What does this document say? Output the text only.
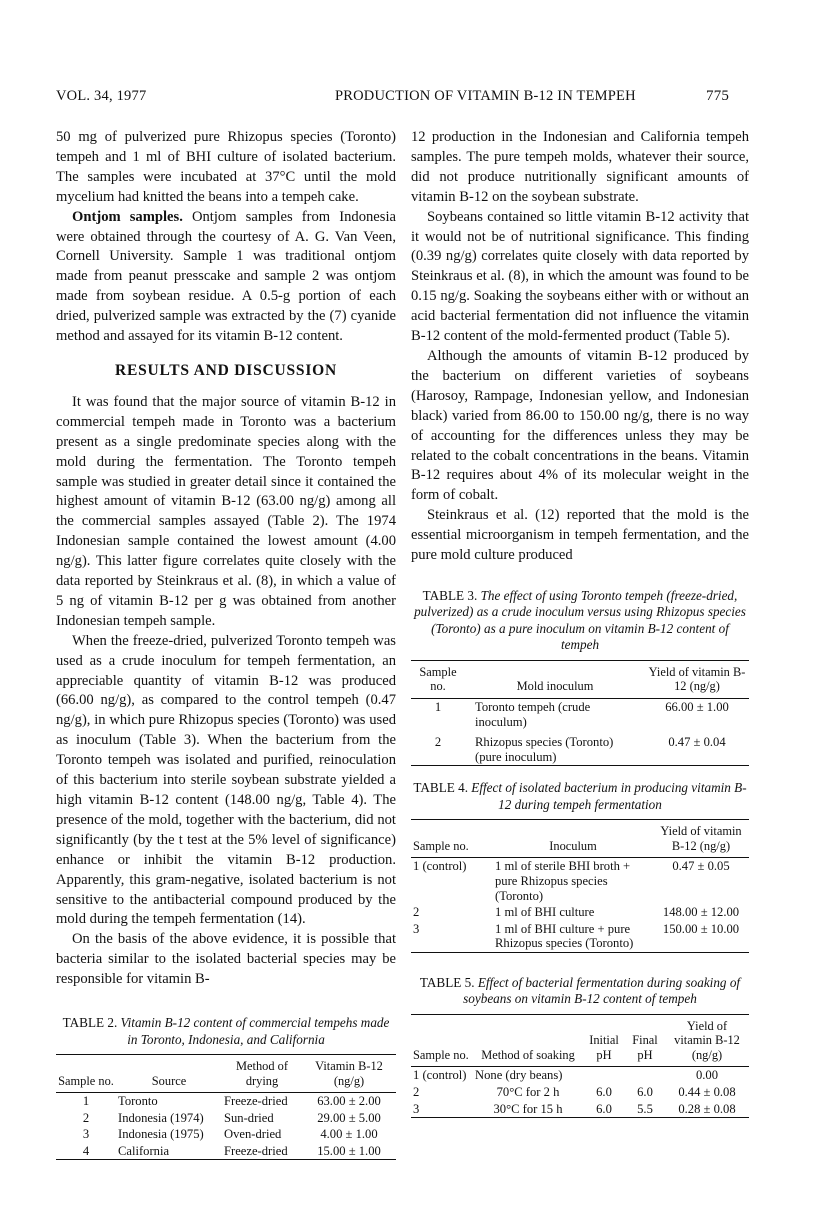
VOL. 34, 1977	PRODUCTION OF VITAMIN B-12 IN TEMPEH	775

50 mg of pulverized pure Rhizopus species (Toronto) tempeh and 1 ml of BHI culture of isolated bacterium. The samples were incubated at 37°C until the mold mycelium had knitted the beans into a tempeh cake.

Ontjom samples. Ontjom samples from Indonesia were obtained through the courtesy of A. G. Van Veen, Cornell University. Sample 1 was traditional ontjom made from peanut presscake and sample 2 was ontjom made from soybean residue. A 0.5-g portion of each dried, pulverized sample was extracted by the (7) cyanide method and assayed for its vitamin B-12 content.

RESULTS AND DISCUSSION

It was found that the major source of vitamin B-12 in commercial tempeh made in Toronto was a bacterium present as a single predominate species along with the mold during the fermentation. The Toronto tempeh sample was studied in greater detail since it contained the highest amount of vitamin B-12 (63.00 ng/g) among all the commercial samples assayed (Table 2). The 1974 Indonesian sample contained the lowest amount (4.00 ng/g). This latter figure correlates quite closely with the data reported by Steinkraus et al. (8), in which a value of 5 ng of vitamin B-12 per g was obtained from another Indonesian tempeh sample.

When the freeze-dried, pulverized Toronto tempeh was used as a crude inoculum for tempeh fermentation, an appreciable quantity of vitamin B-12 was produced (66.00 ng/g), as compared to the control tempeh (0.47 ng/g), in which pure Rhizopus species (Toronto) was used as inoculum (Table 3). When the bacterium from the Toronto tempeh was isolated and purified, reinoculation of this bacterium into sterile soybean substrate yielded a high vitamin B-12 content (148.00 ng/g, Table 4). The presence of the mold, together with the bacterium, did not significantly (by the t test at the 5% level of significance) enhance or inhibit the vitamin B-12 production. Apparently, this gram-negative, isolated bacterium is not sensitive to the antibacterial compound produced by the mold during the tempeh fermentation (14).

On the basis of the above evidence, it is possible that bacteria similar to the isolated bacterial species may be responsible for vitamin B-

TABLE 2. Vitamin B-12 content of commercial tempehs made in Toronto, Indonesia, and California
Sample no.	Source	Method of drying	Vitamin B-12 (ng/g)
1	Toronto	Freeze-dried	63.00 ± 2.00
2	Indonesia (1974)	Sun-dried	29.00 ± 5.00
3	Indonesia (1975)	Oven-dried	4.00 ± 1.00
4	California	Freeze-dried	15.00 ± 1.00

12 production in the Indonesian and California tempeh samples. The pure tempeh molds, whatever their source, did not produce nutritionally significant amounts of vitamin B-12 on the soybean substrate.

Soybeans contained so little vitamin B-12 activity that it would not be of nutritional significance. This finding (0.39 ng/g) correlates quite closely with data reported by Steinkraus et al. (8), in which the amount was found to be 0.15 ng/g. Soaking the soybeans either with or without an acid bacterial fermentation did not influence the vitamin B-12 content of the mold-fermented product (Table 5).

Although the amounts of vitamin B-12 produced by the bacterium on different varieties of soybeans (Harosoy, Rampage, Indonesian yellow, and Indonesian black) varied from 86.00 to 150.00 ng/g, there is no way of accounting for the differences unless they may be related to the cobalt concentrations in the beans. Vitamin B-12 requires about 4% of its molecular weight in the form of cobalt.

Steinkraus et al. (12) reported that the mold is the essential microorganism in tempeh fermentation, and the pure mold culture produced

TABLE 3. The effect of using Toronto tempeh (freeze-dried, pulverized) as a crude inoculum versus using Rhizopus species (Toronto) as a pure inoculum on vitamin B-12 content of tempeh
Sample no.	Mold inoculum	Yield of vitamin B-12 (ng/g)
1	Toronto tempeh (crude inoculum)	66.00 ± 1.00
2	Rhizopus species (Toronto) (pure inoculum)	0.47 ± 0.04
TABLE 4. Effect of isolated bacterium in producing vitamin B-12 during tempeh fermentation
Sample no.	Inoculum	Yield of vitamin B-12 (ng/g)
1 (control)	1 ml of sterile BHI broth + pure Rhizopus species (Toronto)	0.47 ± 0.05
2	1 ml of BHI culture	148.00 ± 12.00
3	1 ml of BHI culture + pure Rhizopus species (Toronto)	150.00 ± 10.00
TABLE 5. Effect of bacterial fermentation during soaking of soybeans on vitamin B-12 content of tempeh
Sample no.	Method of soaking	Initial pH	Final pH	Yield of vitamin B-12 (ng/g)
1 (control)	None (dry beans)			0.00
2	70°C for 2 h	6.0	6.0	0.44 ± 0.08
3	30°C for 15 h	6.0	5.5	0.28 ± 0.08
